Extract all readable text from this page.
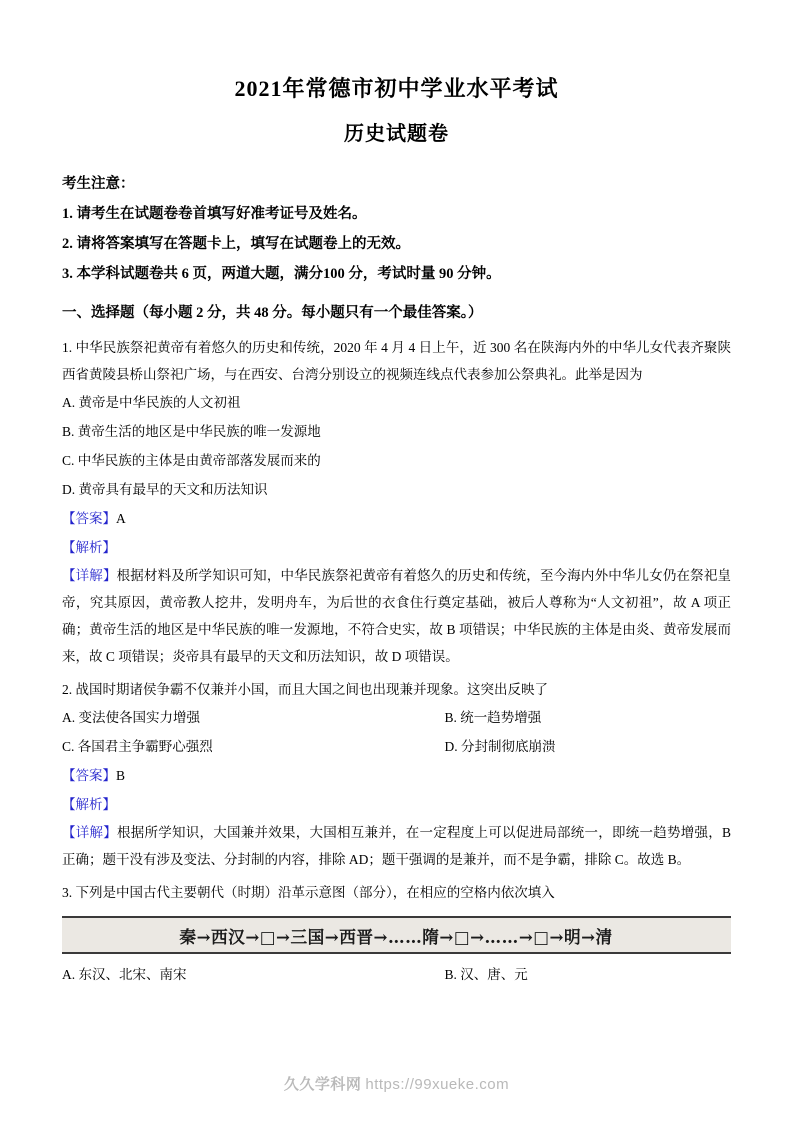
2021年常德市初中学业水平考试
历史试题卷
考生注意：
1. 请考生在试题卷卷首填写好准考证号及姓名。
2. 请将答案填写在答题卡上，填写在试题卷上的无效。
3. 本学科试题卷共 6 页，两道大题，满分100 分，考试时量 90 分钟。
一、选择题（每小题 2 分，共 48 分。每小题只有一个最佳答案。）
1. 中华民族祭祀黄帝有着悠久的历史和传统，2020 年 4 月 4 日上午，近 300 名在陕海内外的中华儿女代表齐聚陕西省黄陵县桥山祭祀广场，与在西安、台湾分别设立的视频连线点代表参加公祭典礼。此举是因为
A. 黄帝是中华民族的人文初祖
B. 黄帝生活的地区是中华民族的唯一发源地
C. 中华民族的主体是由黄帝部落发展而来的
D. 黄帝具有最早的天文和历法知识
【答案】A
【解析】
【详解】根据材料及所学知识可知，中华民族祭祀黄帝有着悠久的历史和传统，至今海内外中华儿女仍在祭祀皇帝，究其原因，黄帝教人挖井，发明舟车，为后世的衣食住行奠定基础，被后人尊称为“人文初祖”，故 A 项正确；黄帝生活的地区是中华民族的唯一发源地，不符合史实，故 B 项错误；中华民族的主体是由炎、黄帝发展而来，故 C 项错误；炎帝具有最早的天文和历法知识，故 D 项错误。
2. 战国时期诸侯争霸不仅兼并小国，而且大国之间也出现兼并现象。这突出反映了
A. 变法使各国实力增强	B. 统一趋势增强
C. 各国君主争霸野心强烈	D. 分封制彻底崩溃
【答案】B
【解析】
【详解】根据所学知识，大国兼并效果，大国相互兼并，在一定程度上可以促进局部统一，即统一趋势增强，B 正确；题干没有涉及变法、分封制的内容，排除 AD；题干强调的是兼并，而不是争霸，排除 C。故选 B。
3. 下列是中国古代主要朝代（时期）沿革示意图（部分），在相应的空格内依次填入
秦→西汉→□→三国→西晋→……隋→□→……→□→明→清
A. 东汉、北宋、南宋	B. 汉、唐、元
久久学科网 https://99xueke.com
